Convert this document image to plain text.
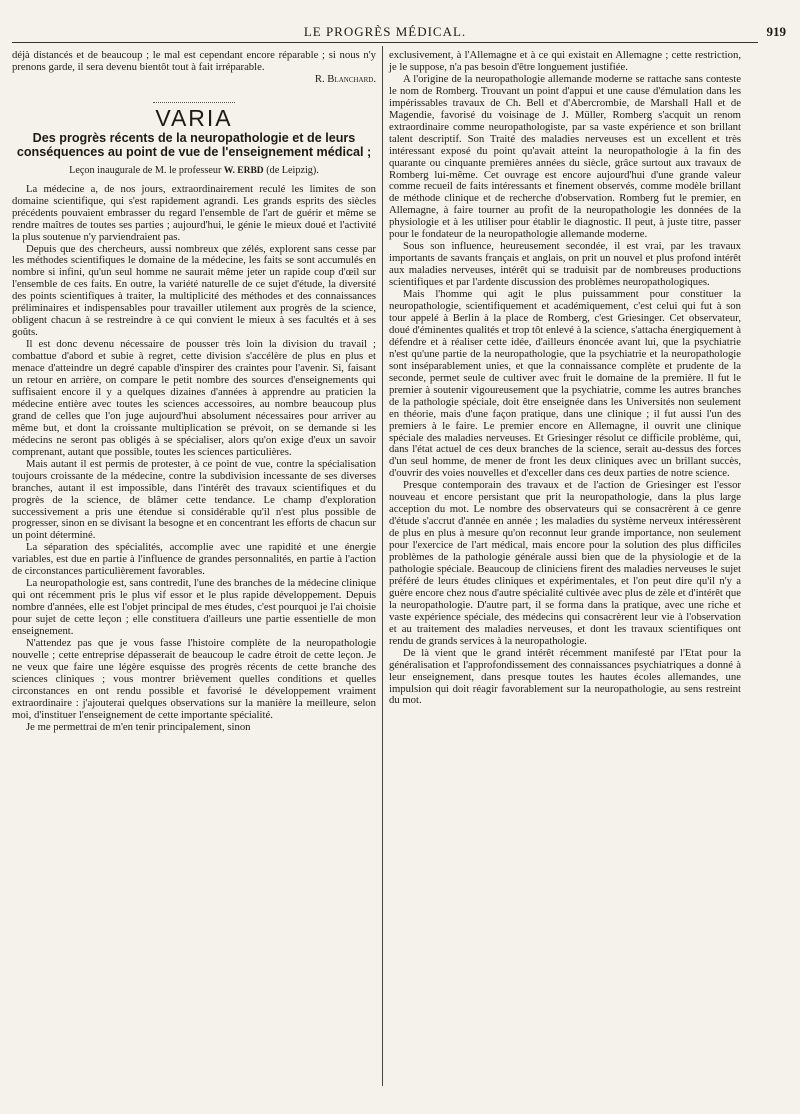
LE PROGRÈS MÉDICAL.	919

déjà distancés et de beaucoup ; le mal est cependant encore réparable ; si nous n'y prenons garde, il sera devenu bientôt tout à fait irréparable.

R. Blanchard.

VARIA
Des progrès récents de la neuropathologie et de leurs conséquences au point de vue de l'enseignement médical ;
Leçon inaugurale de M. le professeur W. ERBD (de Leipzig).

La médecine a, de nos jours, extraordinairement reculé les limites de son domaine scientifique, qui s'est rapidement agrandi. Les grands esprits des siècles précédents pouvaient embrasser du regard l'ensemble de l'art de guérir et même se rendre maîtres de toutes ses parties ; aujourd'hui, le génie le mieux doué et l'activité la plus soutenue n'y parviendraient pas.

Depuis que des chercheurs, aussi nombreux que zélés, explorent sans cesse par les méthodes scientifiques le domaine de la médecine, les faits se sont accumulés en nombre si infini, qu'un seul homme ne saurait même jeter un rapide coup d'œil sur l'ensemble de ces faits. En outre, la variété naturelle de ce sujet d'étude, la diversité des points scientifiques à traiter, la multiplicité des méthodes et des connaissances préliminaires et indispensables pour travailler utilement aux progrès de la science, obligent chacun à se restreindre à ce qui convient le mieux à ses facultés et à ses goûts.

Il est donc devenu nécessaire de pousser très loin la division du travail ; combattue d'abord et subie à regret, cette division s'accélère de plus en plus et menace d'atteindre un degré capable d'inspirer des craintes pour l'avenir. Si, faisant un retour en arrière, on compare le petit nombre des sources d'enseignements qui suffisaient encore il y a quelques dizaines d'années à apprendre au praticien la médecine entière avec toutes les sciences accessoires, au nombre beaucoup plus grand de celles que l'on juge aujourd'hui absolument nécessaires pour arriver au même but, et dont la croissante multiplication se prévoit, on se demande si les médecins ne seront pas obligés à se spécialiser, alors qu'on exige d'eux un savoir comprenant, autant que possible, toutes les sciences particulières.

Mais autant il est permis de protester, à ce point de vue, contre la spécialisation toujours croissante de la médecine, contre la subdivision incessante de ses diverses branches, autant il est impossible, dans l'intérêt des travaux scientifiques et du progrès de la science, de blâmer cette tendance. Le champ d'exploration successivement a pris une étendue si considérable qu'il n'est plus possible de progresser, sinon en se divisant la besogne et en concentrant les efforts de chacun sur un point déterminé.

La séparation des spécialités, accomplie avec une rapidité et une énergie variables, est due en partie à l'influence de grandes personnalités, en partie à l'action de circonstances particulièrement favorables.

La neuropathologie est, sans contredit, l'une des branches de la médecine clinique qui ont récemment pris le plus vif essor et le plus rapide développement. Depuis nombre d'années, elle est l'objet principal de mes études, c'est pourquoi je l'ai choisie pour sujet de cette leçon ; elle constituera d'ailleurs une partie essentielle de mon enseignement.

N'attendez pas que je vous fasse l'histoire complète de la neuropathologie nouvelle ; cette entreprise dépasserait de beaucoup le cadre étroit de cette leçon. Je ne veux que faire une légère esquisse des progrès récents de cette branche des sciences cliniques ; vous montrer brièvement quelles conditions et quelles circonstances en ont rendu possible et favorisé le développement vraiment extraordinaire : j'ajouterai quelques observations sur la manière la meilleure, selon moi, d'instituer l'enseignement de cette importante spécialité.

Je me permettrai de m'en tenir principalement, sinon

exclusivement, à l'Allemagne et à ce qui existait en Allemagne ; cette restriction, je le suppose, n'a pas besoin d'être longuement justifiée.

A l'origine de la neuropathologie allemande moderne se rattache sans conteste le nom de Romberg. Trouvant un point d'appui et une cause d'émulation dans les impérissables travaux de Ch. Bell et d'Abercrombie, de Marshall Hall et de Magendie, favorisé du voisinage de J. Müller, Romberg s'acquit un renom extraordinaire comme neuropathologiste, par sa vaste expérience et son brillant talent descriptif. Son Traité des maladies nerveuses est un excellent et très intéressant exposé du point qu'avait atteint la neuropathologie à la fin des quarante ou cinquante premières années du siècle, grâce surtout aux travaux de Romberg lui-même. Cet ouvrage est encore aujourd'hui d'une grande valeur comme recueil de faits intéressants et finement observés, comme modèle brillant de méthode clinique et de recherche d'observation. Romberg fut le premier, en Allemagne, à faire tourner au profit de la neuropathologie les données de la physiologie et à les utiliser pour établir le diagnostic. Il peut, à juste titre, passer pour le fondateur de la neuropathologie allemande moderne.

Sous son influence, heureusement secondée, il est vrai, par les travaux importants de savants français et anglais, on prit un nouvel et plus profond intérêt aux maladies nerveuses, intérêt qui se traduisit par de nombreuses productions scientifiques et par l'ardente discussion des problèmes neuropathologiques.

Mais l'homme qui agit le plus puissamment pour constituer la neuropathologie, scientifiquement et académiquement, c'est celui qui fut à son tour appelé à Berlin à la place de Romberg, c'est Griesinger. Cet observateur, doué d'éminentes qualités et trop tôt enlevé à la science, s'attacha énergiquement à défendre et à réaliser cette idée, d'ailleurs énoncée avant lui, que la psychiatrie n'est qu'une partie de la neuropathologie, que la psychiatrie et la neuropathologie sont inséparablement unies, et que la connaissance complète et prudente de la seconde, permet seule de cultiver avec fruit le domaine de la première. Il fut le premier à soutenir vigoureusement que la psychiatrie, comme les autres branches de la pathologie spéciale, doit être enseignée dans les Universités non seulement en théorie, mais d'une façon pratique, dans une clinique ; il fut aussi l'un des premiers à le faire. Le premier encore en Allemagne, il ouvrit une clinique spéciale des maladies nerveuses. Et Griesinger résolut ce difficile problème, qui, dans l'état actuel de ces deux branches de la science, serait au-dessus des forces d'un seul homme, de mener de front les deux cliniques avec un brillant succès, d'ouvrir des voies nouvelles et d'exceller dans ces deux parties de notre science.

Presque contemporain des travaux et de l'action de Griesinger est l'essor nouveau et encore persistant que prit la neuropathologie, dans la plus large acception du mot. Le nombre des observateurs qui se consacrèrent à ce genre d'étude s'accrut d'année en année ; les maladies du système nerveux intéressèrent de plus en plus à mesure qu'on reconnut leur grande importance, non seulement pour l'exercice de l'art médical, mais encore pour la solution des plus difficiles problèmes de la pathologie générale aussi bien que de la physiologie et de la pathologie spéciale. Beaucoup de cliniciens firent des maladies nerveuses le sujet préféré de leurs études cliniques et expérimentales, et l'on peut dire qu'il n'y a guère encore chez nous d'autre spécialité cultivée avec plus de zèle et d'intérêt que la neuropathologie. D'autre part, il se forma dans la pratique, avec une riche et vaste expérience spéciale, des médecins qui consacrèrent leur vie à l'observation et au traitement des maladies nerveuses, et dont les travaux scientifiques ont rendu de grands services à la neuropathologie.

De là vient que le grand intérêt récemment manifesté par l'Etat pour la généralisation et l'approfondissement des connaissances psychiatriques a donné à leur enseignement, dans presque toutes les hautes écoles allemandes, une impulsion qui doit réagir favorablement sur la neuropathologie, au sens restreint du mot.
